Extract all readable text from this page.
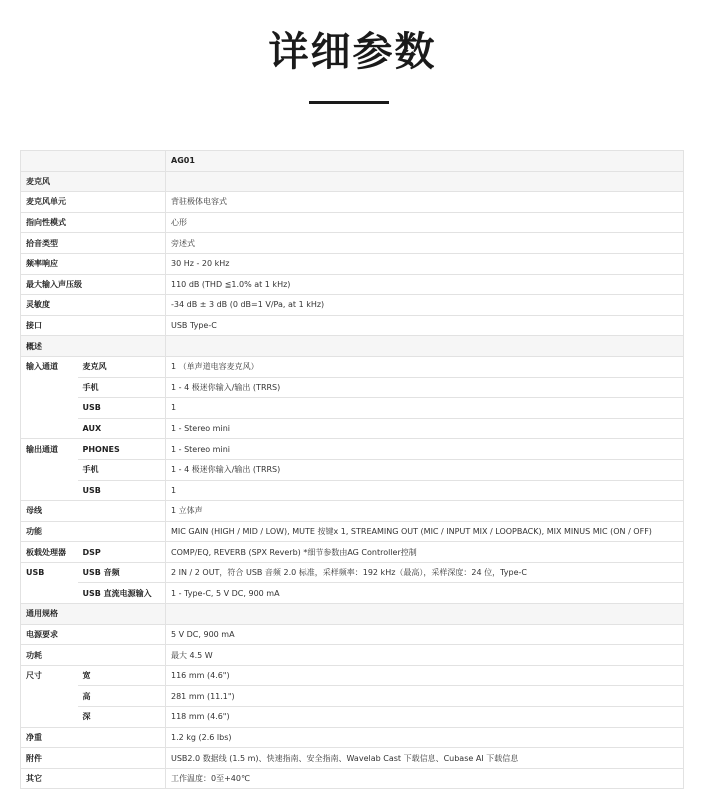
详细参数
		AG01
麦克风		
麦克风单元		背驻极体电容式
指向性模式		心形
拾音类型		旁述式
频率响应		30 Hz - 20 kHz
最大输入声压级		110 dB (THD ≦1.0% at 1 kHz)
灵敏度		-34 dB ± 3 dB (0 dB=1 V/Pa, at 1 kHz)
接口		USB Type-C
概述		
输入通道	麦克风	1 （单声道电容麦克风）
	手机	1 - 4 极迷你输入/输出 (TRRS)
	USB	1
	AUX	1 - Stereo mini
输出通道	PHONES	1 - Stereo mini
	手机	1 - 4 极迷你输入/输出 (TRRS)
	USB	1
母线		1 立体声
功能		MIC GAIN (HIGH / MID / LOW), MUTE 按键x 1, STREAMING OUT (MIC / INPUT MIX / LOOPBACK), MIX MINUS MIC (ON / OFF)
板载处理器	DSP	COMP/EQ, REVERB (SPX Reverb) *细节参数由AG Controller控制
USB	USB 音频	2 IN / 2 OUT，符合 USB 音频 2.0 标准，采样频率：192 kHz（最高），采样深度：24 位，Type-C
	USB 直流电源输入	1 - Type-C, 5 V DC, 900 mA
通用规格		
电源要求		5 V DC, 900 mA
功耗		最大 4.5 W
尺寸	宽	116 mm (4.6")
	高	281 mm (11.1")
	深	118 mm (4.6")
净重		1.2 kg (2.6 lbs)
附件		USB2.0 数据线 (1.5 m)、快速指南、安全指南、Wavelab Cast 下载信息、Cubase AI 下载信息
其它		工作温度：0至+40℃
